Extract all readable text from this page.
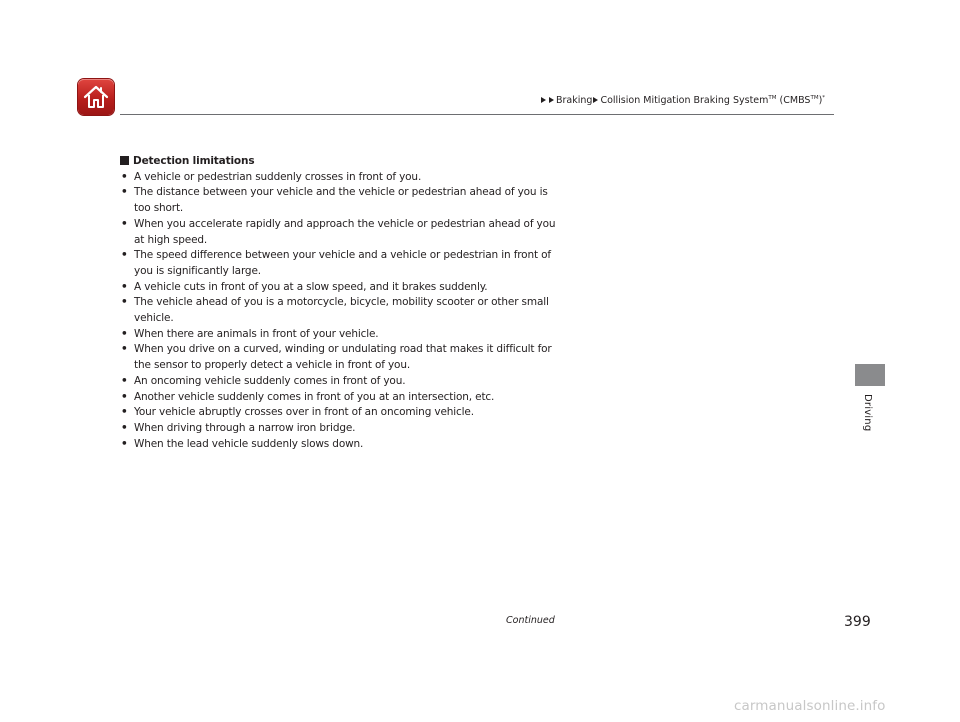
Braking Collision Mitigation Braking System™ (CMBS™)*

Detection limitations

• A vehicle or pedestrian suddenly crosses in front of you.
• The distance between your vehicle and the vehicle or pedestrian ahead of you is too short.
• When you accelerate rapidly and approach the vehicle or pedestrian ahead of you at high speed.
• The speed difference between your vehicle and a vehicle or pedestrian in front of you is significantly large.
• A vehicle cuts in front of you at a slow speed, and it brakes suddenly.
• The vehicle ahead of you is a motorcycle, bicycle, mobility scooter or other small vehicle.
• When there are animals in front of your vehicle.
• When you drive on a curved, winding or undulating road that makes it difficult for the sensor to properly detect a vehicle in front of you.
• An oncoming vehicle suddenly comes in front of you.
• Another vehicle suddenly comes in front of you at an intersection, etc.
• Your vehicle abruptly crosses over in front of an oncoming vehicle.
• When driving through a narrow iron bridge.
• When the lead vehicle suddenly slows down.
Driving
Continued	399
carmanualsonline.info
